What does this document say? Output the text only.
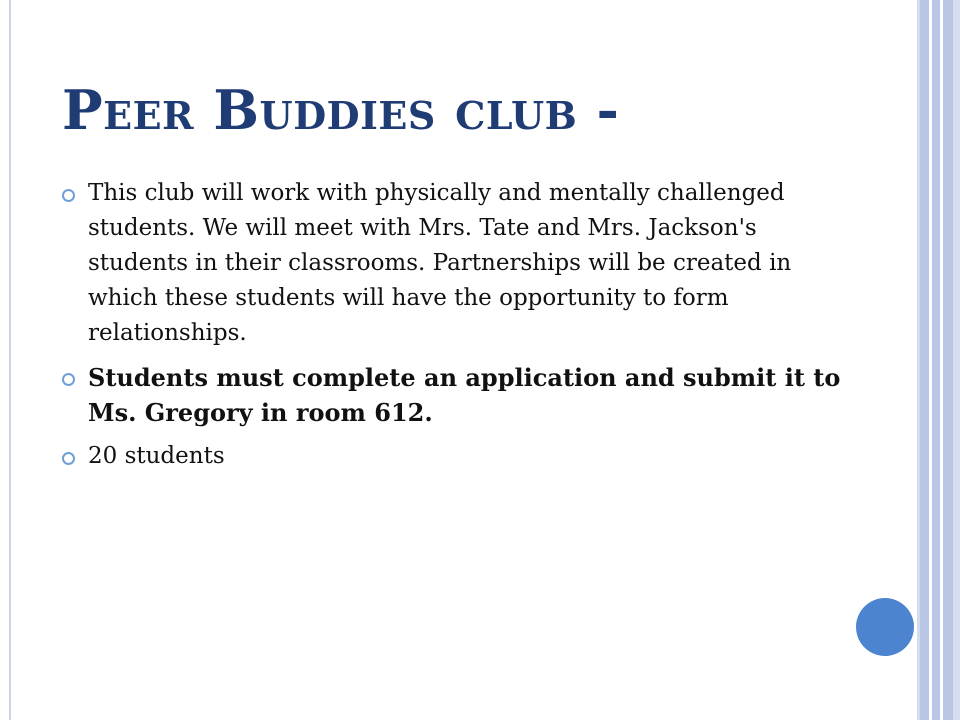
Peer Buddies club -
This club will work with physically and mentally challenged students. We will meet with Mrs. Tate and Mrs. Jackson's students in their classrooms. Partnerships will be created in which these students will have the opportunity to form relationships.
Students must complete an application and submit it to Ms. Gregory in room 612.
20 students
